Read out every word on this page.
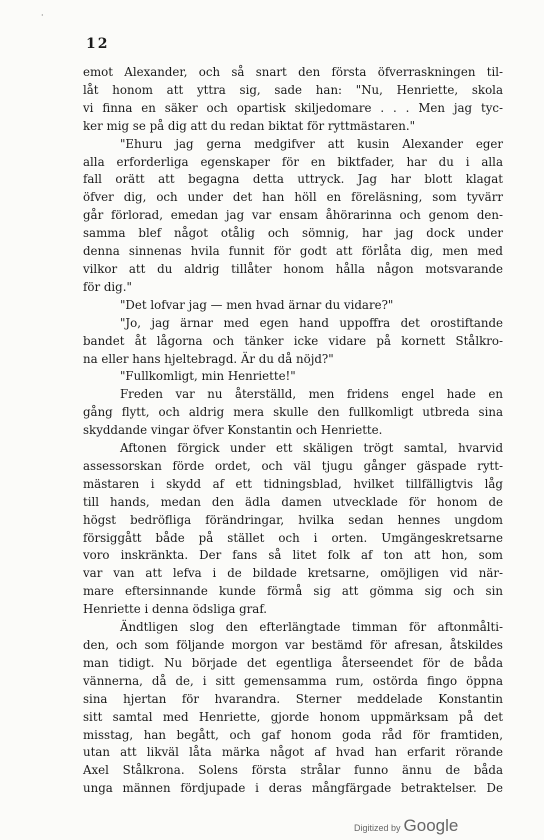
·
12
emot Alexander, och så snart den första öfverraskningen til-
låt honom att yttra sig, sade han: "Nu, Henriette, skola
vi finna en säker och opartisk skiljedomare . . . Men jag tyc-
ker mig se på dig att du redan biktat för ryttmästaren."
"Ehuru jag gerna medgifver att kusin Alexander eger
alla erforderliga egenskaper för en biktfader, har du i alla
fall orätt att begagna detta uttryck. Jag har blott klagat
öfver dig, och under det han höll en föreläsning, som tyvärr
går förlorad, emedan jag var ensam åhörarinna och genom den-
samma blef något otålig och sömnig, har jag dock under
denna sinnenas hvila funnit för godt att förlåta dig, men med
vilkor att du aldrig tillåter honom hålla någon motsvarande
för dig."
"Det lofvar jag — men hvad ärnar du vidare?"
"Jo, jag ärnar med egen hand uppoffra det orostiftande
bandet åt lågorna och tänker icke vidare på kornett Stålkro-
na eller hans hjeltebragd. Är du då nöjd?"
"Fullkomligt, min Henriette!"
Freden var nu återställd, men fridens engel hade en
gång flytt, och aldrig mera skulle den fullkomligt utbreda sina
skyddande vingar öfver Konstantin och Henriette.
Aftonen förgick under ett skäligen trögt samtal, hvarvid
assessorskan förde ordet, och väl tjugu gånger gäspade rytt-
mästaren i skydd af ett tidningsblad, hvilket tillfälligtvis låg
till hands, medan den ädla damen utvecklade för honom de
högst bedröfliga förändringar, hvilka sedan hennes ungdom
försiggått både på stället och i orten. Umgängeskretsarne
voro inskränkta. Der fans så litet folk af ton att hon, som
var van att lefva i de bildade kretsarne, omöjligen vid när-
mare eftersinnande kunde förmå sig att gömma sig och sin
Henriette i denna ödsliga graf.
Ändtligen slog den efterlängtade timman för aftonmålti-
den, och som följande morgon var bestämd för afresan, åtskildes
man tidigt. Nu började det egentliga återseendet för de båda
vännerna, då de, i sitt gemensamma rum, ostörda fingo öppna
sina hjertan för hvarandra. Sterner meddelade Konstantin
sitt samtal med Henriette, gjorde honom uppmärksam på det
misstag, han begått, och gaf honom goda råd för framtiden,
utan att likväl låta märka något af hvad han erfarit rörande
Axel Stålkrona. Solens första strålar funno ännu de båda
unga männen fördjupade i deras mångfärgade betraktelser. De
Digitized by Google
